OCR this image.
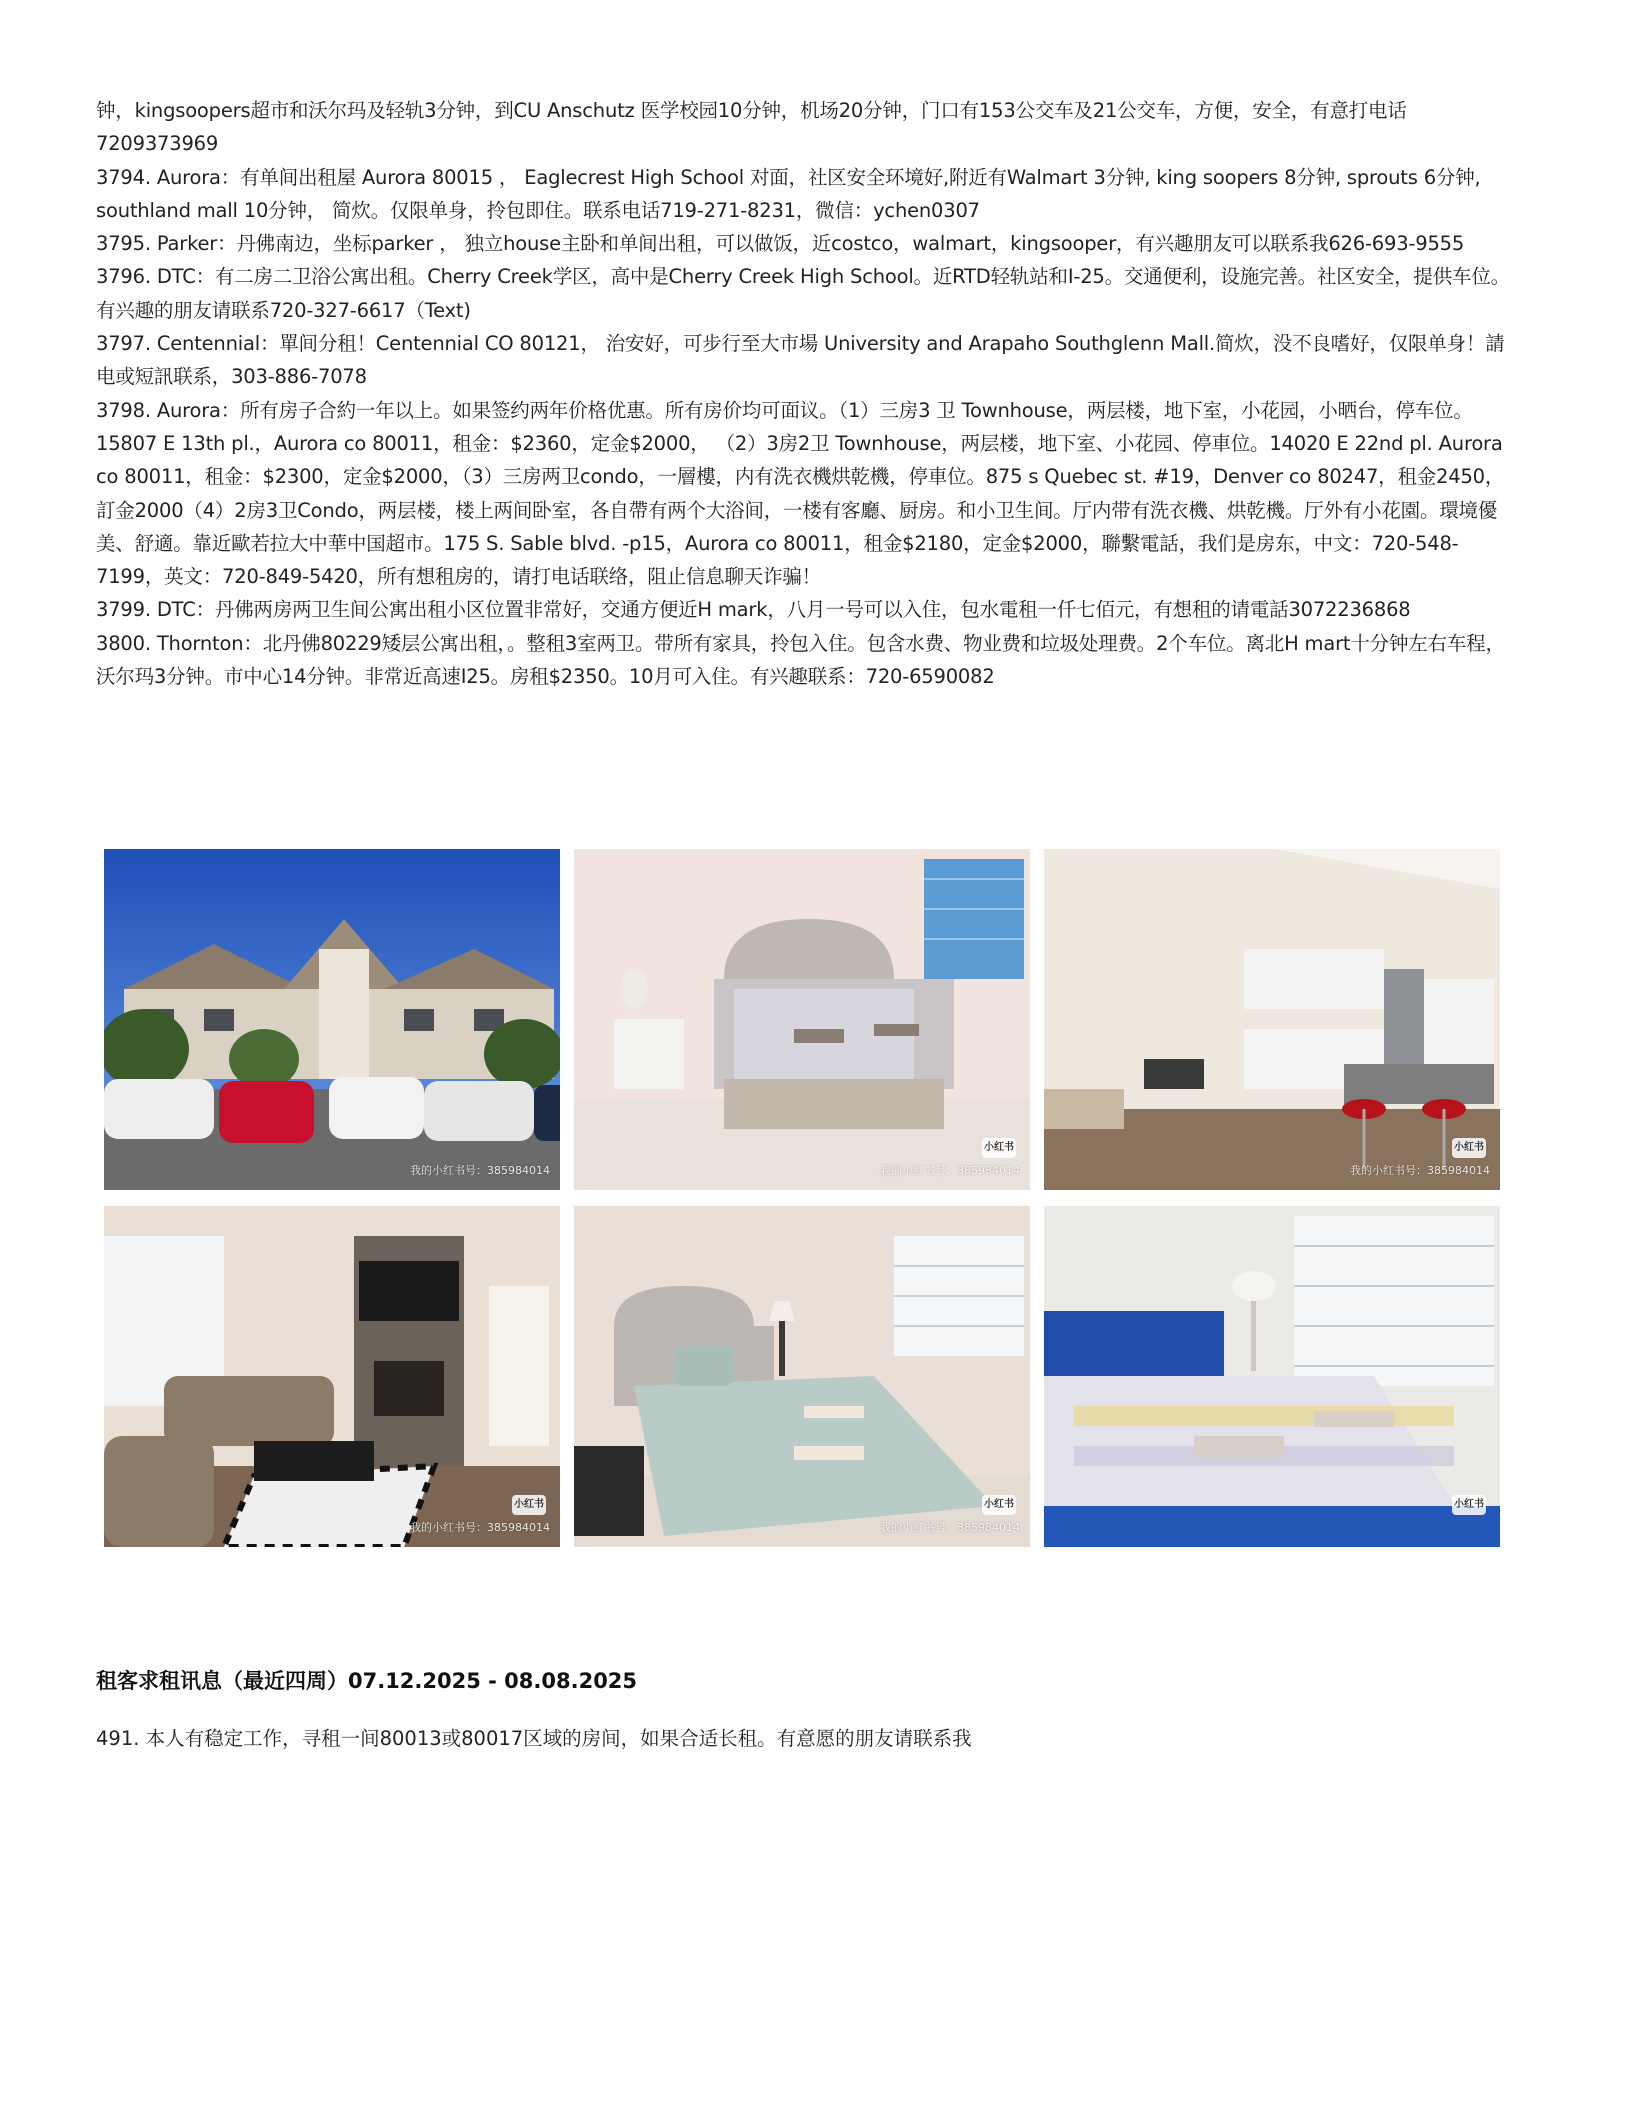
钟，kingsoopers超市和沃尔玛及轻轨3分钟，到CU Anschutz 医学校园10分钟，机场20分钟，门口有153公交车及21公交车，方便，安全，有意打电话7209373969

3794. Aurora：有单间出租屋 Aurora 80015 ， Eaglecrest High School 对面，社区安全环境好,附近有Walmart 3分钟, king soopers 8分钟, sprouts 6分钟, southland mall 10分钟， 简炊。仅限单身，拎包即住。联系电话719-271-8231，微信：ychen0307

3795. Parker：丹佛南边，坐标parker ， 独立house主卧和单间出租，可以做饭，近costco，walmart，kingsooper，有兴趣朋友可以联系我626-693-9555

3796. DTC：有二房二卫浴公寓出租。Cherry Creek学区，高中是Cherry Creek High School。近RTD轻轨站和I-25。交通便利，设施完善。社区安全，提供车位。有兴趣的朋友请联系720-327-6617（Text)

3797. Centennial：單间分租！Centennial CO 80121， 治安好，可步行至大市場 University and Arapaho Southglenn Mall.简炊，没不良嗜好，仅限单身！請电或短訊联系，303-886-7078

3798. Aurora：所有房子合約一年以上。如果签约两年价格优惠。所有房价均可面议。（1）三房3 卫 Townhouse，两层楼，地下室，小花园，小晒台，停车位。15807 E 13th pl.，Aurora co 80011，租金：$2360，定金$2000， （2）3房2卫 Townhouse，两层楼，地下室、小花园、停車位。14020 E 22nd pl. Aurora co 80011，租金：$2300，定金$2000，（3）三房两卫condo，一層樓，内有洗衣機烘乾機，停車位。875 s Quebec st. #19，Denver co 80247，租金2450，訂金2000（4）2房3卫Condo，两层楼，楼上两间卧室，各自帶有两个大浴间，一楼有客廳、厨房。和小卫生间。厅内带有洗衣機、烘乾機。厅外有小花園。環境優美、舒適。靠近歐若拉大中華中国超市。175 S. Sable blvd. -p15，Aurora co 80011，租金$2180，定金$2000，聯繫電話，我们是房东，中文：720-548-7199，英文：720-849-5420，所有想租房的，请打电话联络，阻止信息聊天诈骗！

3799. DTC：丹佛两房两卫生间公寓出租小区位置非常好，交通方便近H mark，八月一号可以入住，包水電租一仟七佰元，有想租的请電話3072236868

3800. Thornton：北丹佛80229矮层公寓出租，。整租3室两卫。带所有家具，拎包入住。包含水费、物业费和垃圾处理费。2个车位。离北H mart十分钟左右车程，沃尔玛3分钟。市中心14分钟。非常近高速I25。房租$2350。10月可入住。有兴趣联系：720-6590082

我的小红书号：385984014
小红书
我的小红书号：385984014
小红书
我的小红书号：385984014
小红书
我的小红书号：385984014
小红书
我的小红书号：385984014
小红书
租客求租讯息（最近四周）07.12.2025 - 08.08.2025
491. 本人有稳定工作，寻租一间80013或80017区域的房间，如果合适长租。有意愿的朋友请联系我
